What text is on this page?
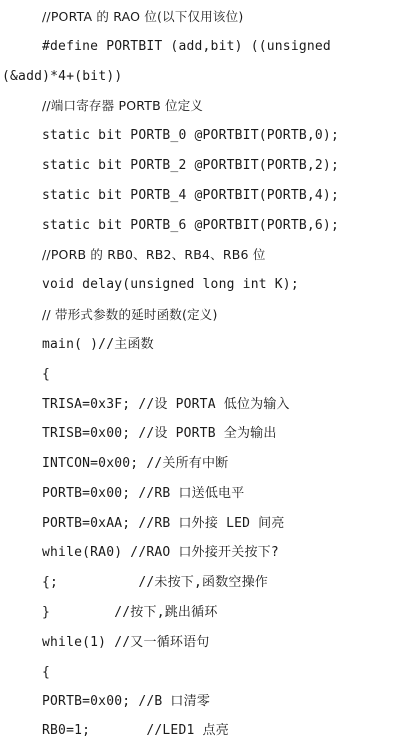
//PORTA 的 RAO 位(以下仅用该位)
#define PORTBIT (add,bit) ((unsigned
(&add)*4+(bit))
//端口寄存器 PORTB 位定义
static bit PORTB_0 @PORTBIT(PORTB,0);
static bit PORTB_2 @PORTBIT(PORTB,2);
static bit PORTB_4 @PORTBIT(PORTB,4);
static bit PORTB_6 @PORTBIT(PORTB,6);
//PORB 的 RB0、RB2、RB4、RB6 位
void delay(unsigned long int K);
// 带形式参数的延时函数(定义)
main( )//主函数
{
TRISA=0x3F; //设 PORTA 低位为输入
TRISB=0x00; //设 PORTB 全为输出
INTCON=0x00; //关所有中断
PORTB=0x00; //RB 口送低电平
PORTB=0xAA; //RB 口外接 LED 间亮
while(RA0) //RAO 口外接开关按下?
{;          //未按下,函数空操作
}        //按下,跳出循环
while(1) //又一循环语句
{
PORTB=0x00; //B 口清零
RB0=1;       //LED1 点亮
